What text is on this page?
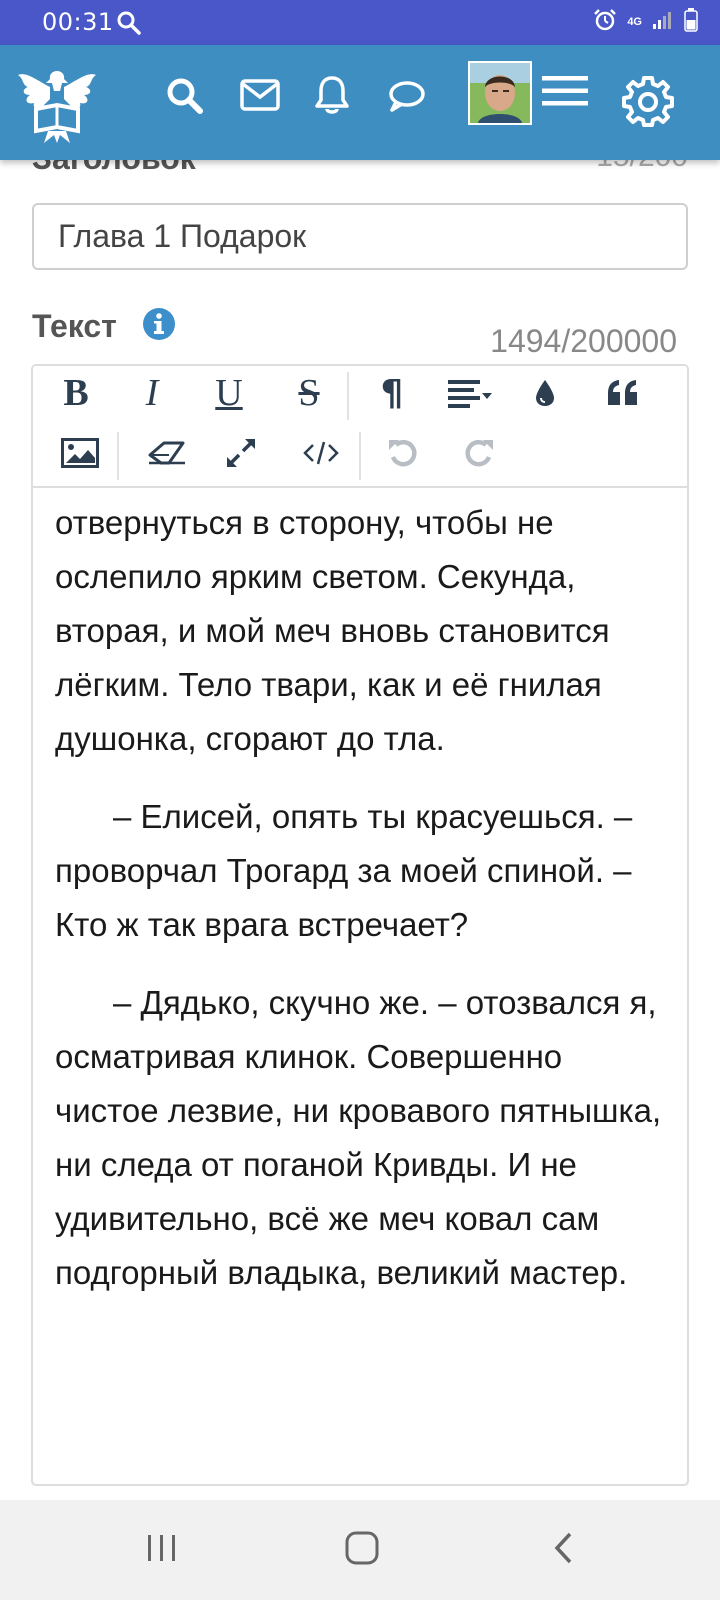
00:31	4G
Глава 1 Подарок
Текст	1494/200000
B I U S ¶

отвернуться в сторону, чтобы не ослепило ярким светом. Секунда, вторая, и мой меч вновь становится лёгким. Тело твари, как и её гнилая душонка, сгорают до тла.

– Елисей, опять ты красуешься. – проворчал Трогард за моей спиной. – Кто ж так врага встречает?

– Дядько, скучно же. – отозвался я, осматривая клинок. Совершенно чистое лезвие, ни кровавого пятнышка, ни следа от поганой Кривды. И не удивительно, всё же меч ковал сам подгорный владыка, великий мастер.
